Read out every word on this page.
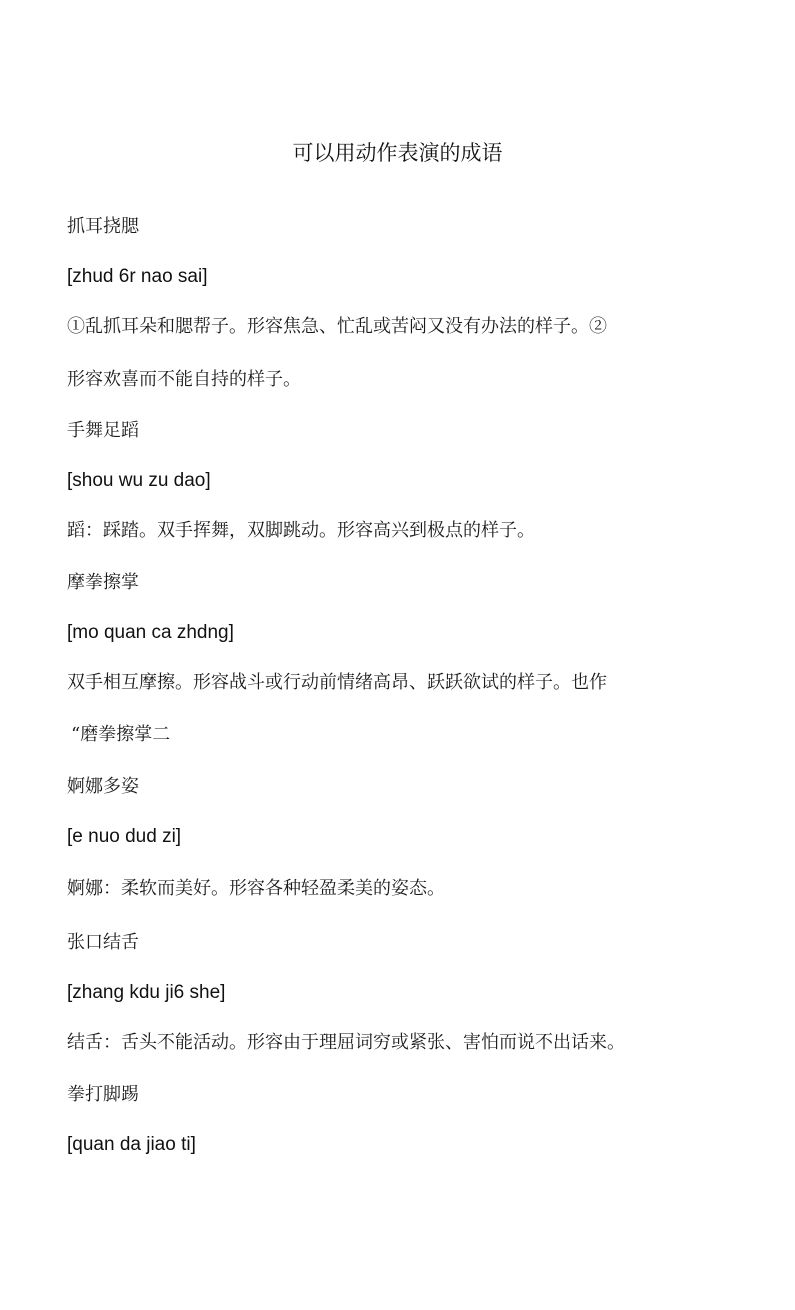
可以用动作表演的成语

抓耳挠腮

[zhud 6r nao sai]

①乱抓耳朵和腮帮子。形容焦急、忙乱或苦闷又没有办法的样子。②

形容欢喜而不能自持的样子。

手舞足蹈

[shou wu zu dao]

蹈：踩踏。双手挥舞，双脚跳动。形容高兴到极点的样子。

摩拳擦掌

[mo quan ca zhdng]

双手相互摩擦。形容战斗或行动前情绪高昂、跃跃欲试的样子。也作

“磨拳擦掌二

婀娜多姿

[e nuo dud zi]

婀娜：柔软而美好。形容各种轻盈柔美的姿态。

张口结舌

[zhang kdu ji6 she]

结舌：舌头不能活动。形容由于理屈词穷或紧张、害怕而说不出话来。

拳打脚踢

[quan da jiao ti]
